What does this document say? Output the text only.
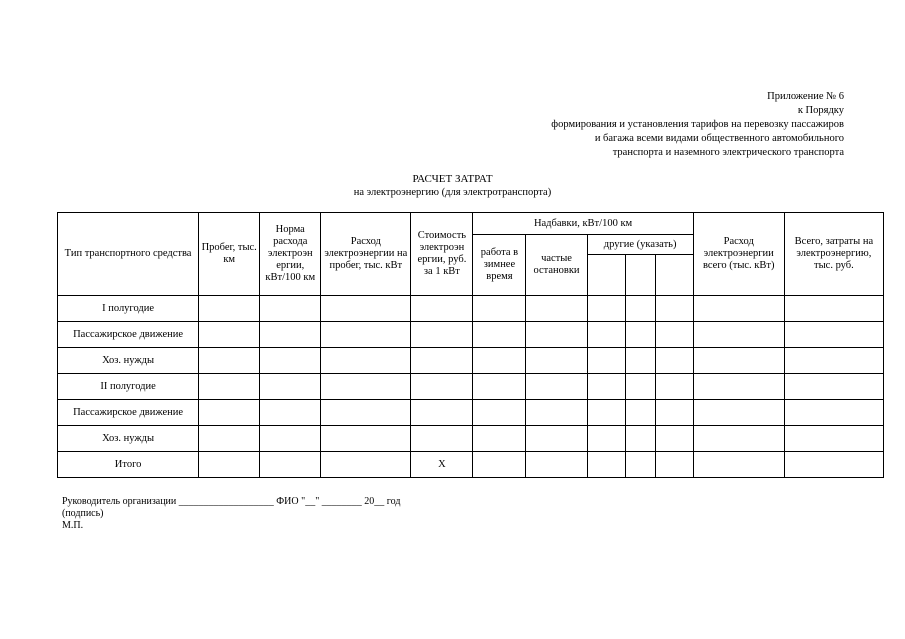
Приложение № 6
к Порядку
формирования и установления тарифов на перевозку пассажиров
и багажа всеми видами общественного автомобильного
транспорта и наземного электрического транспорта
РАСЧЕТ ЗАТРАТ
на электроэнергию (для электротранспорта)
Тип транспортного средства	Пробег, тыс. км	Норма расхода электроэн ергии, кВт/100 км	Расход электроэнергии на пробег, тыс. кВт	Стоимость электроэн ергии, руб. за 1 кВт	Надбавки, кВт/100 км					Расход электроэнергии всего (тыс. кВт)	Всего, затраты на электроэнергию, тыс. руб.
					работа в зимнее время	частые остановки	другие (указать)				

I полугодие											
Пассажирское движение											
Хоз. нужды											
II полугодие											
Пассажирское движение											
Хоз. нужды											
Итого				X							
Руководитель организации ___________________ ФИО "__" ________ 20__ год
(подпись)
М.П.
